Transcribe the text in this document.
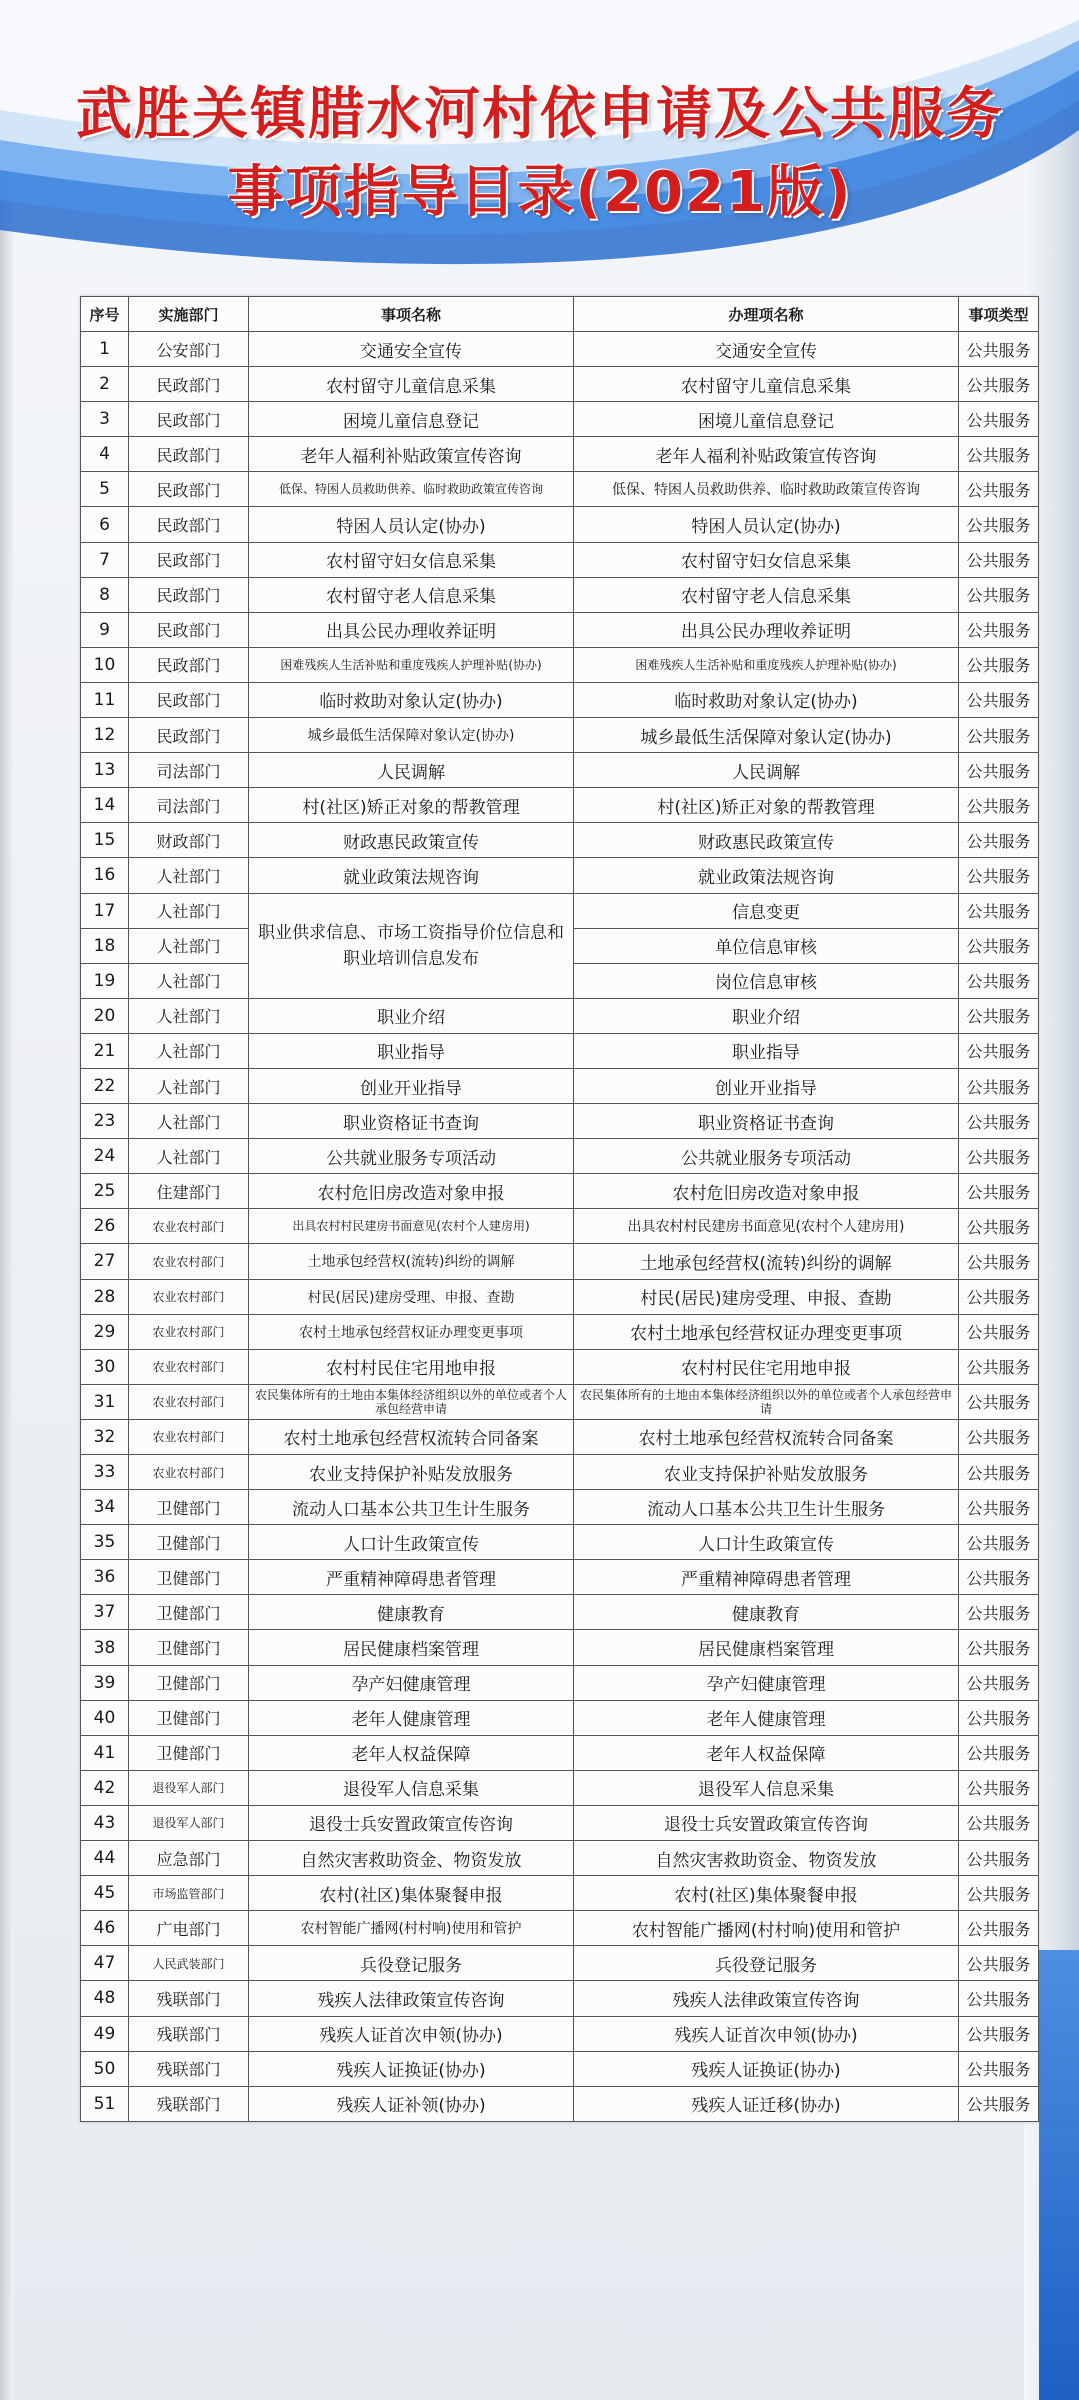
武胜关镇腊水河村依申请及公共服务
事项指导目录(2021版)
序号	实施部门	事项名称	办理项名称	事项类型
1	公安部门	交通安全宣传	交通安全宣传	公共服务
2	民政部门	农村留守儿童信息采集	农村留守儿童信息采集	公共服务
3	民政部门	困境儿童信息登记	困境儿童信息登记	公共服务
4	民政部门	老年人福利补贴政策宣传咨询	老年人福利补贴政策宣传咨询	公共服务
5	民政部门	低保、特困人员救助供养、临时救助政策宣传咨询	低保、特困人员救助供养、临时救助政策宣传咨询	公共服务
6	民政部门	特困人员认定(协办)	特困人员认定(协办)	公共服务
7	民政部门	农村留守妇女信息采集	农村留守妇女信息采集	公共服务
8	民政部门	农村留守老人信息采集	农村留守老人信息采集	公共服务
9	民政部门	出具公民办理收养证明	出具公民办理收养证明	公共服务
10	民政部门	困难残疾人生活补贴和重度残疾人护理补贴(协办)	困难残疾人生活补贴和重度残疾人护理补贴(协办)	公共服务
11	民政部门	临时救助对象认定(协办)	临时救助对象认定(协办)	公共服务
12	民政部门	城乡最低生活保障对象认定(协办)	城乡最低生活保障对象认定(协办)	公共服务
13	司法部门	人民调解	人民调解	公共服务
14	司法部门	村(社区)矫正对象的帮教管理	村(社区)矫正对象的帮教管理	公共服务
15	财政部门	财政惠民政策宣传	财政惠民政策宣传	公共服务
16	人社部门	就业政策法规咨询	就业政策法规咨询	公共服务
17	人社部门	职业供求信息、市场工资指导价位信息和职业培训信息发布	信息变更	公共服务
18	人社部门		单位信息审核	公共服务
19	人社部门		岗位信息审核	公共服务
20	人社部门	职业介绍	职业介绍	公共服务
21	人社部门	职业指导	职业指导	公共服务
22	人社部门	创业开业指导	创业开业指导	公共服务
23	人社部门	职业资格证书查询	职业资格证书查询	公共服务
24	人社部门	公共就业服务专项活动	公共就业服务专项活动	公共服务
25	住建部门	农村危旧房改造对象申报	农村危旧房改造对象申报	公共服务
26	农业农村部门	出具农村村民建房书面意见(农村个人建房用)	出具农村村民建房书面意见(农村个人建房用)	公共服务
27	农业农村部门	土地承包经营权(流转)纠纷的调解	土地承包经营权(流转)纠纷的调解	公共服务
28	农业农村部门	村民(居民)建房受理、申报、查勘	村民(居民)建房受理、申报、查勘	公共服务
29	农业农村部门	农村土地承包经营权证办理变更事项	农村土地承包经营权证办理变更事项	公共服务
30	农业农村部门	农村村民住宅用地申报	农村村民住宅用地申报	公共服务
31	农业农村部门	农民集体所有的土地由本集体经济组织以外的单位或者个人承包经营申请	农民集体所有的土地由本集体经济组织以外的单位或者个人承包经营申请	公共服务
32	农业农村部门	农村土地承包经营权流转合同备案	农村土地承包经营权流转合同备案	公共服务
33	农业农村部门	农业支持保护补贴发放服务	农业支持保护补贴发放服务	公共服务
34	卫健部门	流动人口基本公共卫生计生服务	流动人口基本公共卫生计生服务	公共服务
35	卫健部门	人口计生政策宣传	人口计生政策宣传	公共服务
36	卫健部门	严重精神障碍患者管理	严重精神障碍患者管理	公共服务
37	卫健部门	健康教育	健康教育	公共服务
38	卫健部门	居民健康档案管理	居民健康档案管理	公共服务
39	卫健部门	孕产妇健康管理	孕产妇健康管理	公共服务
40	卫健部门	老年人健康管理	老年人健康管理	公共服务
41	卫健部门	老年人权益保障	老年人权益保障	公共服务
42	退役军人部门	退役军人信息采集	退役军人信息采集	公共服务
43	退役军人部门	退役士兵安置政策宣传咨询	退役士兵安置政策宣传咨询	公共服务
44	应急部门	自然灾害救助资金、物资发放	自然灾害救助资金、物资发放	公共服务
45	市场监管部门	农村(社区)集体聚餐申报	农村(社区)集体聚餐申报	公共服务
46	广电部门	农村智能广播网(村村响)使用和管护	农村智能广播网(村村响)使用和管护	公共服务
47	人民武装部门	兵役登记服务	兵役登记服务	公共服务
48	残联部门	残疾人法律政策宣传咨询	残疾人法律政策宣传咨询	公共服务
49	残联部门	残疾人证首次申领(协办)	残疾人证首次申领(协办)	公共服务
50	残联部门	残疾人证换证(协办)	残疾人证换证(协办)	公共服务
51	残联部门	残疾人证补领(协办)	残疾人证迁移(协办)	公共服务
